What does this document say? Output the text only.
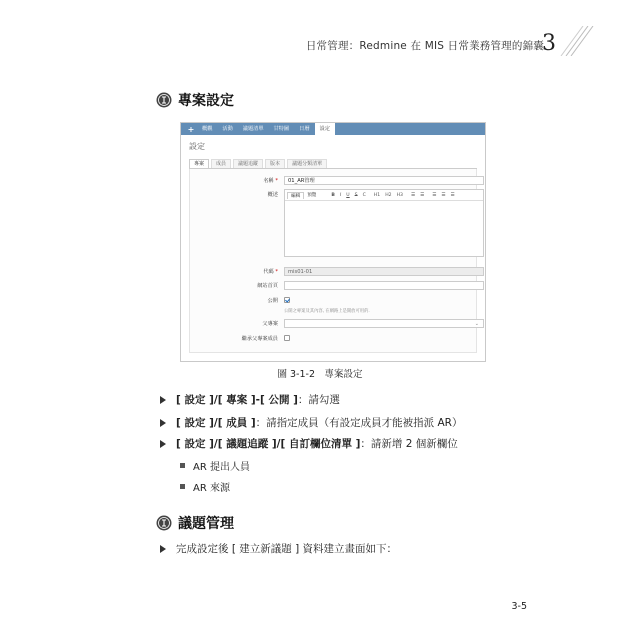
日常管理：Redmine 在 MIS 日常業務管理的錦囊
3
專案設定
+	概觀	活動	議題清單	甘特圖	日曆	設定
設定
專案	成員	議題追蹤	版本	議題分類清單
名稱 *	01_AR管理
概述	編輯	預覽	B I U S C H1 H2 H3 ☰ ☰ ☰ ☰ ☰
代碼 *	mis01-01
網站首頁
公開
公開之專案及其內容, 在網路上是開放可用的.
父專案	⌄
繼承父專案成員
圖 3-1-2　專案設定
[ 設定 ]/[ 專案 ]-[ 公開 ] ：請勾選
[ 設定 ]/[ 成員 ] ：請指定成員（有設定成員才能被指派 AR）
[ 設定 ]/[ 議題追蹤 ]/[ 自訂欄位清單 ] ：請新增 2 個新欄位
AR 提出人員
AR 來源
議題管理
完成設定後 [ 建立新議題 ] 資料建立畫面如下：
3-5
